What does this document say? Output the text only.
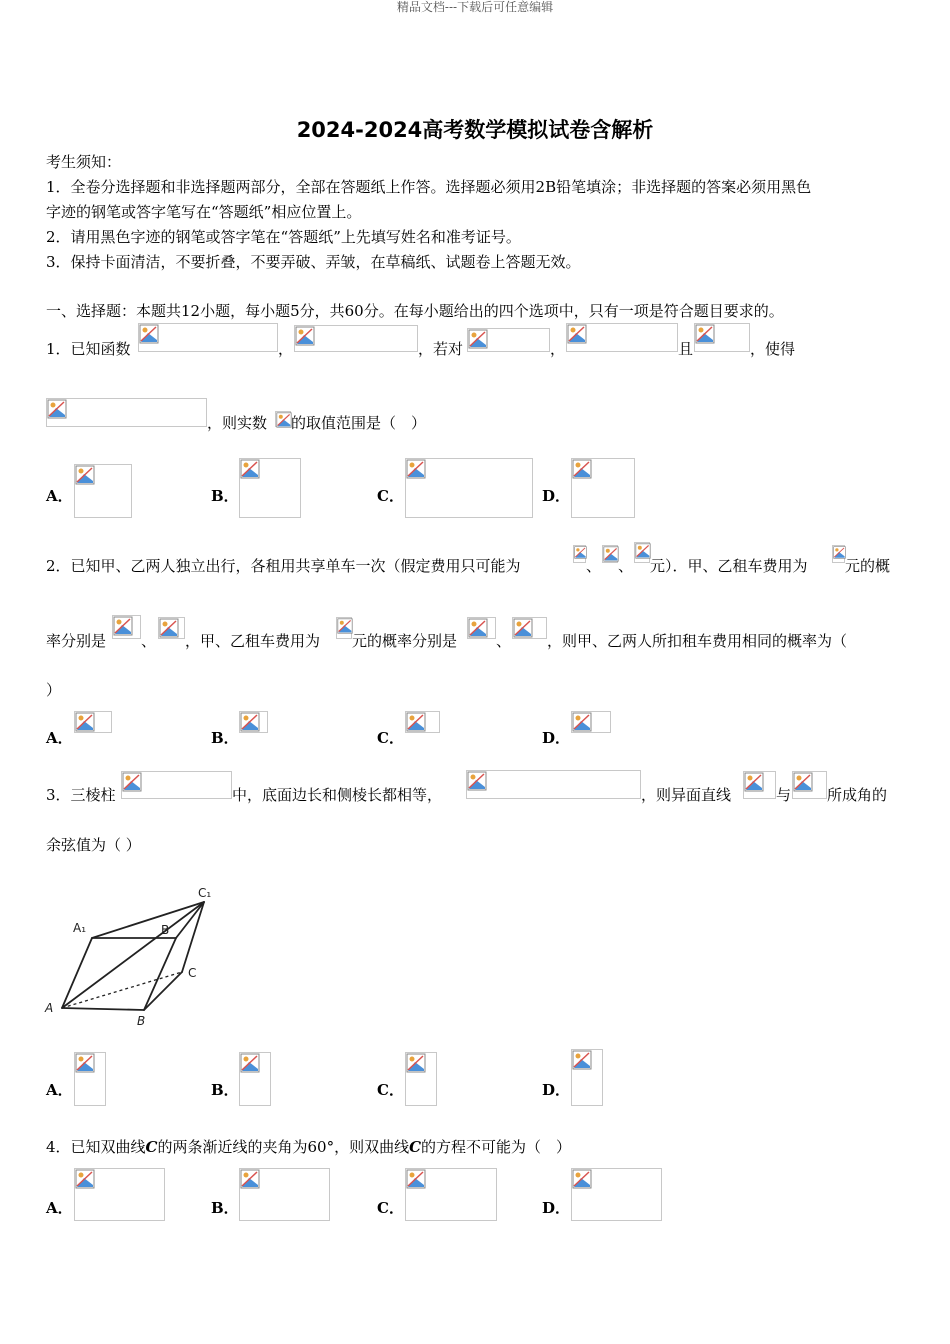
精品文档---下载后可任意编辑
2024-2024高考数学模拟试卷含解析
考生须知：
1．全卷分选择题和非选择题两部分，全部在答题纸上作答。选择题必须用2B铅笔填涂；非选择题的答案必须用黑色
字迹的钢笔或答字笔写在“答题纸”相应位置上。
2．请用黑色字迹的钢笔或答字笔在“答题纸”上先填写姓名和准考证号。
3．保持卡面清洁，不要折叠，不要弄破、弄皱，在草稿纸、试题卷上答题无效。
一、选择题：本题共12小题，每小题5分，共60分。在每小题给出的四个选项中，只有一项是符合题目要求的。
1．已知函数	，	，若对	，	且	，使得
，则实数 的取值范围是（　）
A．	B．	C．	D．
2．已知甲、乙两人独立出行，各租用共享单车一次（假定费用只可能为	、 、 元）．甲、乙租车费用为 元的概
率分别是 、 ，甲、乙租车费用为 元的概率分别是	、 ，则甲、乙两人所扣租车费用相同的概率为（
）
A．	B．	C．	D．
3．三棱柱	中，底面边长和侧棱长都相等，	，则异面直线	与 所成角的
余弦值为（ ）
C₁
A₁	B
C
A
B
A．	B．	C．	D．
4．已知双曲线C的两条渐近线的夹角为60°，则双曲线C的方程不可能为（　）
A．	B．	C．	D．
